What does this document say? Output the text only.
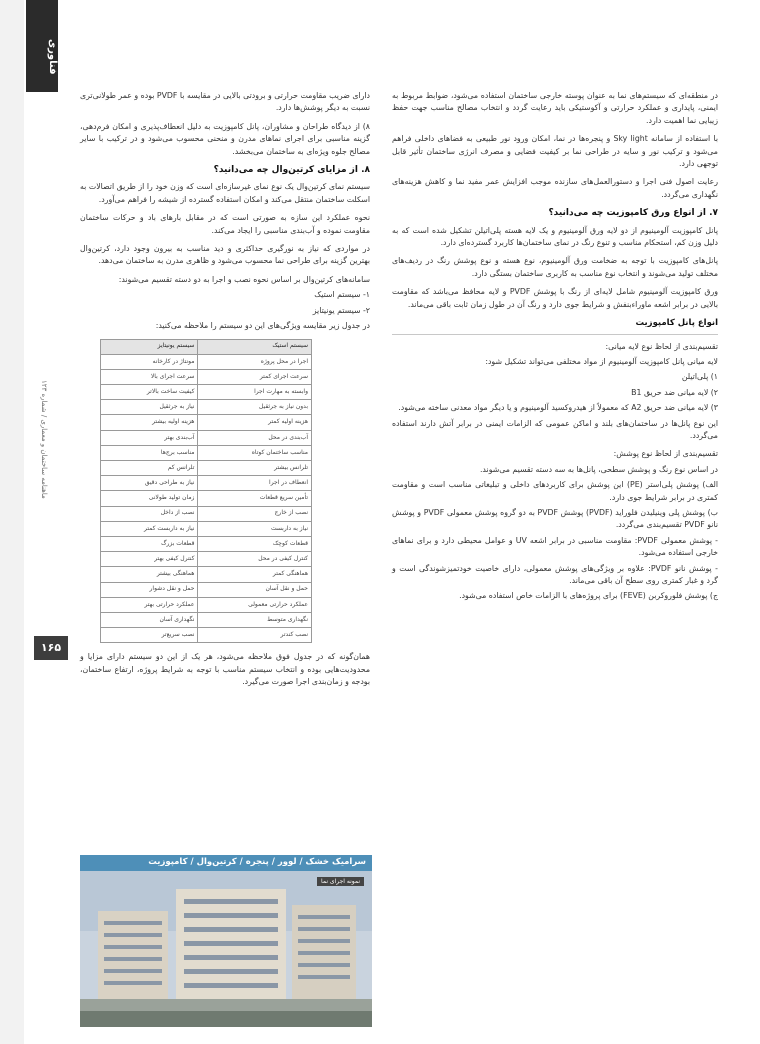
فناوری
ماهنامه ساختمان و معماری / شماره ۱۲۳
۱۶۵

در منطقه‌ای که سیستم‌های نما به عنوان پوسته خارجی ساختمان استفاده می‌شود، ضوابط مربوط به ایمنی، پایداری و عملکرد حرارتی و آکوستیکی باید رعایت گردد و انتخاب مصالح مناسب جهت حفظ زیبایی نما اهمیت دارد.

با استفاده از سامانه Sky light و پنجره‌ها در نما، امکان ورود نور طبیعی به فضاهای داخلی فراهم می‌شود و ترکیب نور و سایه در طراحی نما بر کیفیت فضایی و مصرف انرژی ساختمان تأثیر قابل توجهی دارد.

رعایت اصول فنی اجرا و دستورالعمل‌های سازنده موجب افزایش عمر مفید نما و کاهش هزینه‌های نگهداری می‌گردد.

۷. از انواع ورق کامپوزیت چه می‌دانید؟

پانل کامپوزیت آلومینیوم از دو لایه ورق آلومینیوم و یک لایه هسته پلی‌اتیلن تشکیل شده است که به دلیل وزن کم، استحکام مناسب و تنوع رنگ در نمای ساختمان‌ها کاربرد گسترده‌ای دارد.

پانل‌های کامپوزیت با توجه به ضخامت ورق آلومینیوم، نوع هسته و نوع پوشش رنگ در ردیف‌های مختلف تولید می‌شوند و انتخاب نوع مناسب به کاربری ساختمان بستگی دارد.

ورق کامپوزیت آلومینیوم شامل لایه‌ای از رنگ با پوشش PVDF و لایه محافظ می‌باشد که مقاومت بالایی در برابر اشعه ماوراءبنفش و شرایط جوی دارد و رنگ آن در طول زمان ثابت باقی می‌ماند.

انواع پانل کامپوزیت

تقسیم‌بندی از لحاظ نوع لایه میانی:

لایه میانی پانل کامپوزیت آلومینیوم از مواد مختلفی می‌تواند تشکیل شود:

۱) پلی‌اتیلن

۲) لایه میانی ضد حریق B1

۳) لایه میانی ضد حریق A2 که معمولاً از هیدروکسید آلومینیوم و یا دیگر مواد معدنی ساخته می‌شود.

این نوع پانل‌ها در ساختمان‌های بلند و اماکن عمومی که الزامات ایمنی در برابر آتش دارند استفاده می‌گردد.

تقسیم‌بندی از لحاظ نوع پوشش:

در اساس نوع رنگ و پوشش سطحی، پانل‌ها به سه دسته تقسیم می‌شوند.

الف) پوشش پلی‌استر (PE) این پوشش برای کاربردهای داخلی و تبلیغاتی مناسب است و مقاومت کمتری در برابر شرایط جوی دارد.

ب) پوشش پلی وینیلیدن فلوراید (PVDF) پوشش PVDF به دو گروه پوشش معمولی PVDF و پوشش نانو PVDF تقسیم‌بندی می‌گردد.

- پوشش معمولی PVDF: مقاومت مناسبی در برابر اشعه UV و عوامل محیطی دارد و برای نماهای خارجی استفاده می‌شود.

- پوشش نانو PVDF: علاوه بر ویژگی‌های پوشش معمولی، دارای خاصیت خودتمیزشوندگی است و گرد و غبار کمتری روی سطح آن باقی می‌ماند.

ج) پوشش فلوروکربن (FEVE) برای پروژه‌های با الزامات خاص استفاده می‌شود.

دارای ضریب مقاومت حرارتی و برودتی بالایی در مقایسه با PVDF بوده و عمر طولانی‌تری نسبت به دیگر پوشش‌ها دارد.

۸) از دیدگاه طراحان و مشاوران، پانل کامپوزیت به دلیل انعطاف‌پذیری و امکان فرم‌دهی، گزینه مناسبی برای اجرای نماهای مدرن و منحنی محسوب می‌شود و در ترکیب با سایر مصالح جلوه ویژه‌ای به ساختمان می‌بخشد.

۸. از مزایای کرتین‌وال چه می‌دانید؟

سیستم نمای کرتین‌وال یک نوع نمای غیرسازه‌ای است که وزن خود را از طریق اتصالات به اسکلت ساختمان منتقل می‌کند و امکان استفاده گسترده از شیشه را فراهم می‌آورد.

نحوه عملکرد این سازه به صورتی است که در مقابل بارهای باد و حرکات ساختمان مقاومت نموده و آب‌بندی مناسبی را ایجاد می‌کند.

در مواردی که نیاز به نورگیری حداکثری و دید مناسب به بیرون وجود دارد، کرتین‌وال بهترین گزینه برای طراحی نما محسوب می‌شود و ظاهری مدرن به ساختمان می‌دهد.

سامانه‌های کرتین‌وال بر اساس نحوه نصب و اجرا به دو دسته تقسیم می‌شوند:

۱- سیستم استیک

۲- سیستم یونیتایز

در جدول زیر مقایسه ویژگی‌های این دو سیستم را ملاحظه می‌کنید:

سیستم استیک	سیستم یونیتایز
اجرا در محل پروژه	مونتاژ در کارخانه
سرعت اجرای کمتر	سرعت اجرای بالا
وابسته به مهارت اجرا	کیفیت ساخت بالاتر
بدون نیاز به جرثقیل	نیاز به جرثقیل
هزینه اولیه کمتر	هزینه اولیه بیشتر
آب‌بندی در محل	آب‌بندی بهتر
مناسب ساختمان کوتاه	مناسب برج‌ها
تلرانس بیشتر	تلرانس کم
انعطاف در اجرا	نیاز به طراحی دقیق
تأمین سریع قطعات	زمان تولید طولانی
نصب از خارج	نصب از داخل
نیاز به داربست	نیاز به داربست کمتر
قطعات کوچک	قطعات بزرگ
کنترل کیفی در محل	کنترل کیفی بهتر
هماهنگی کمتر	هماهنگی بیشتر
حمل و نقل آسان	حمل و نقل دشوار
عملکرد حرارتی معمولی	عملکرد حرارتی بهتر
نگهداری متوسط	نگهداری آسان
نصب کندتر	نصب سریع‌تر

همان‌گونه که در جدول فوق ملاحظه می‌شود، هر یک از این دو سیستم دارای مزایا و محدودیت‌هایی بوده و انتخاب سیستم مناسب با توجه به شرایط پروژه، ارتفاع ساختمان، بودجه و زمان‌بندی اجرا صورت می‌گیرد.

سرامیک خشک / لوور / پنجره / کرتین‌وال / کامپوزیت
نمونه اجرای نما
